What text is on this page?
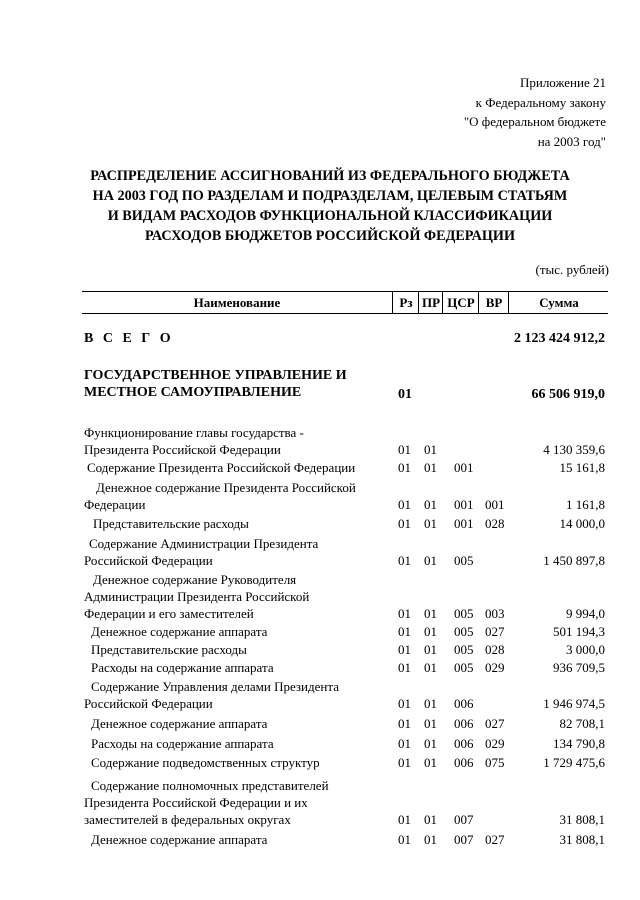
Приложение 21
к Федеральному закону
"О федеральном бюджете
на 2003 год"
РАСПРЕДЕЛЕНИЕ АССИГНОВАНИЙ ИЗ ФЕДЕРАЛЬНОГО БЮДЖЕТА
НА 2003 ГОД ПО РАЗДЕЛАМ И ПОДРАЗДЕЛАМ, ЦЕЛЕВЫМ СТАТЬЯМ
И ВИДАМ РАСХОДОВ ФУНКЦИОНАЛЬНОЙ КЛАССИФИКАЦИИ
РАСХОДОВ БЮДЖЕТОВ РОССИЙСКОЙ ФЕДЕРАЦИИ
(тыс. рублей)
Наименование	Рз ПР ЦСР ВР	Сумма
В С Е Г О	2 123 424 912,2
ГОСУДАРСТВЕННОЕ УПРАВЛЕНИЕ И
МЕСТНОЕ САМОУПРАВЛЕНИЕ	01	66 506 919,0
Функционирование главы государства -
Президента Российской Федерации	01 01	4 130 359,6
Содержание Президента Российской Федерации	01 01 001	15 161,8
Денежное содержание Президента Российской
Федерации	01 01 001 001	1 161,8
Представительские расходы	01 01 001 028	14 000,0
Содержание Администрации Президента
Российской Федерации	01 01 005	1 450 897,8
Денежное содержание Руководителя
Администрации Президента Российской
Федерации и его заместителей	01 01 005 003	9 994,0
Денежное содержание аппарата	01 01 005 027	501 194,3
Представительские расходы	01 01 005 028	3 000,0
Расходы на содержание аппарата	01 01 005 029	936 709,5
Содержание Управления делами Президента
Российской Федерации	01 01 006	1 946 974,5
Денежное содержание аппарата	01 01 006 027	82 708,1
Расходы на содержание аппарата	01 01 006 029	134 790,8
Содержание подведомственных структур	01 01 006 075	1 729 475,6
Содержание полномочных представителей
Президента Российской Федерации и их
заместителей в федеральных округах	01 01 007	31 808,1
Денежное содержание аппарата	01 01 007 027	31 808,1
